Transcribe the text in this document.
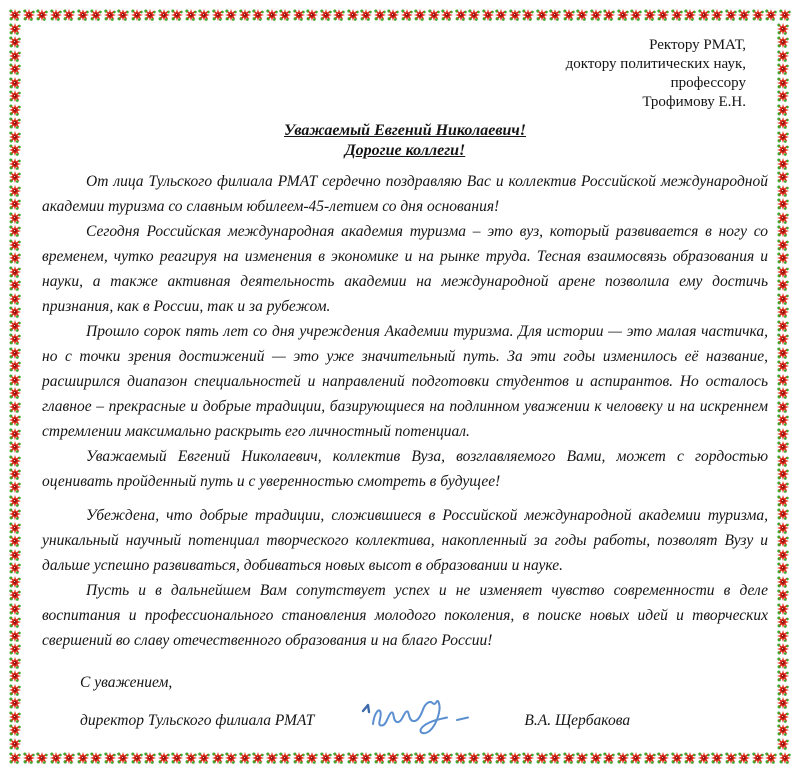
Ректору РМАТ,
доктору политических наук,
профессору
Трофимову Е.Н.
Уважаемый Евгений Николаевич!
Дорогие коллеги!

От лица Тульского филиала РМАТ сердечно поздравляю Вас и коллектив Российской международной академии туризма со славным юбилеем-45-летием со дня основания!

Сегодня Российская международная академия туризма – это вуз, который развивается в ногу со временем, чутко реагируя на изменения в экономике и на рынке труда. Тесная взаимосвязь образования и науки, а также активная деятельность академии на международной арене позволила ему достичь признания, как в России, так и за рубежом.

Прошло сорок пять лет со дня учреждения Академии туризма. Для истории — это малая частичка, но с точки зрения достижений — это уже значительный путь. За эти годы изменилось её название, расширился диапазон специальностей и направлений подготовки студентов и аспирантов. Но осталось главное – прекрасные и добрые традиции, базирующиеся на подлинном уважении к человеку и на искреннем стремлении максимально раскрыть его личностный потенциал.

Уважаемый Евгений Николаевич, коллектив Вуза, возглавляемого Вами, может с гордостью оценивать пройденный путь и с уверенностью смотреть в будущее!

Убеждена, что добрые традиции, сложившиеся в Российской международной академии туризма, уникальный научный потенциал творческого коллектива, накопленный за годы работы, позволят Вузу и дальше успешно развиваться, добиваться новых высот в образовании и науке.

Пусть и в дальнейшем Вам сопутствует успех и не изменяет чувство современности в деле воспитания и профессионального становления молодого поколения, в поиске новых идей и творческих свершений во славу отечественного образования и на благо России!

С уважением,
директор Тульского филиала РМАТ	В.А. Щербакова
